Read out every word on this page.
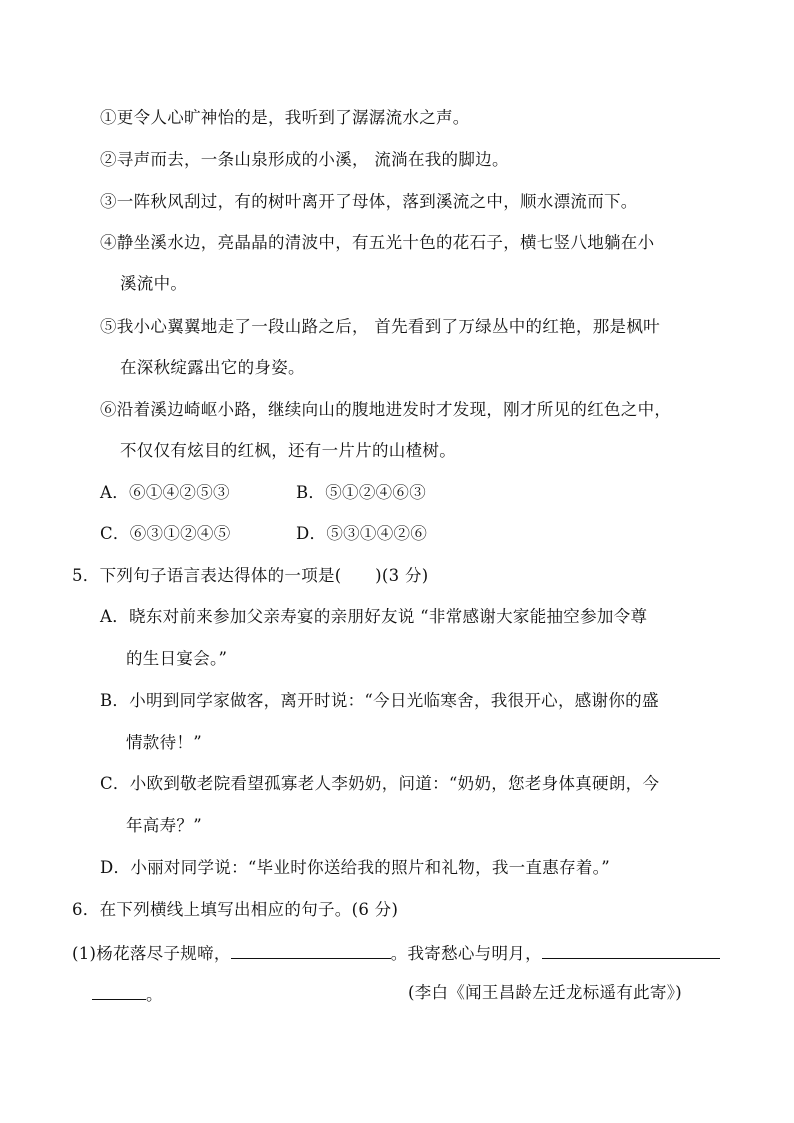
①更令人心旷神怡的是，我听到了潺潺流水之声。
②寻声而去，一条山泉形成的小溪， 流淌在我的脚边。
③一阵秋风刮过，有的树叶离开了母体，落到溪流之中，顺水漂流而下。
④静坐溪水边，亮晶晶的清波中，有五光十色的花石子，横七竖八地躺在小
溪流中。
⑤我小心翼翼地走了一段山路之后， 首先看到了万绿丛中的红艳，那是枫叶
在深秋绽露出它的身姿。
⑥沿着溪边崎岖小路，继续向山的腹地进发时才发现，刚才所见的红色之中，
不仅仅有炫目的红枫，还有一片片的山楂树。
A．⑥①④②⑤③	B．⑤①②④⑥③
C．⑥③①②④⑤	D．⑤③①④②⑥
5．下列句子语言表达得体的一项是(　　)(3 分)
A．晓东对前来参加父亲寿宴的亲朋好友说 “非常感谢大家能抽空参加令尊
的生日宴会。”
B．小明到同学家做客，离开时说：“今日光临寒舍，我很开心，感谢你的盛
情款待！”
C．小欧到敬老院看望孤寡老人李奶奶，问道：“奶奶，您老身体真硬朗，今
年高寿？”
D．小丽对同学说：“毕业时你送给我的照片和礼物，我一直惠存着。”
6．在下列横线上填写出相应的句子。(6 分)
(1)杨花落尽子规啼，	。我寄愁心与明月，
。	(李白《闻王昌龄左迁龙标遥有此寄》)
